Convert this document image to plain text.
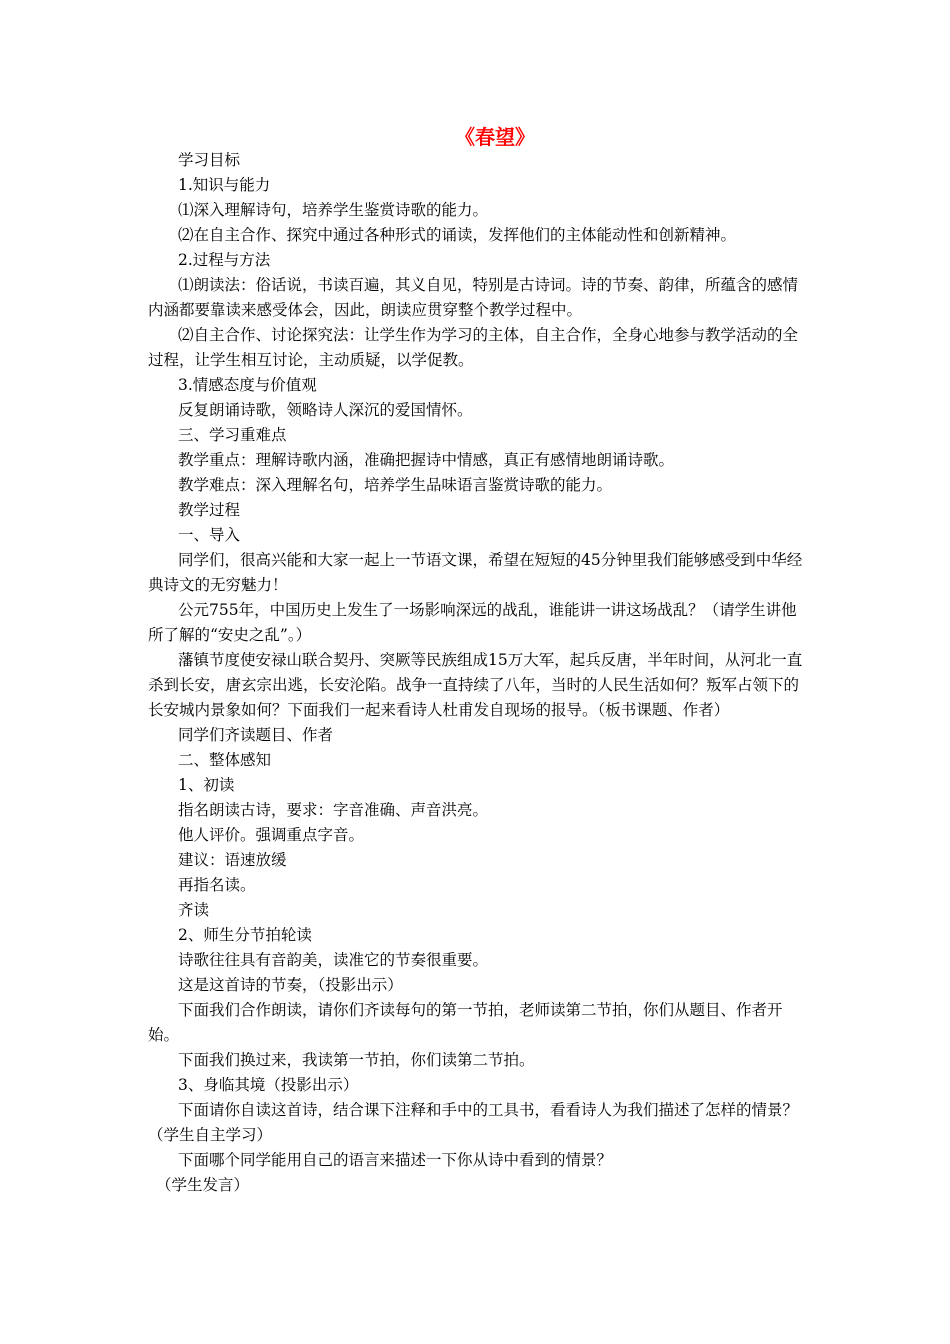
《春望》

学习目标

1.知识与能力

⑴深入理解诗句，培养学生鉴赏诗歌的能力。

⑵在自主合作、探究中通过各种形式的诵读，发挥他们的主体能动性和创新精神。

2.过程与方法

⑴朗读法：俗话说，书读百遍，其义自见，特别是古诗词。诗的节奏、韵律，所蕴含的感情内涵都要靠读来感受体会，因此，朗读应贯穿整个教学过程中。

⑵自主合作、讨论探究法：让学生作为学习的主体，自主合作，全身心地参与教学活动的全过程，让学生相互讨论，主动质疑，以学促教。

3.情感态度与价值观

反复朗诵诗歌，领略诗人深沉的爱国情怀。

三、学习重难点

教学重点：理解诗歌内涵，准确把握诗中情感，真正有感情地朗诵诗歌。

教学难点：深入理解名句，培养学生品味语言鉴赏诗歌的能力。

教学过程

一、导入

同学们，很高兴能和大家一起上一节语文课，希望在短短的45分钟里我们能够感受到中华经典诗文的无穷魅力！

公元755年，中国历史上发生了一场影响深远的战乱，谁能讲一讲这场战乱？（请学生讲他所了解的“安史之乱”。）

藩镇节度使安禄山联合契丹、突厥等民族组成15万大军，起兵反唐，半年时间，从河北一直杀到长安，唐玄宗出逃，长安沦陷。战争一直持续了八年，当时的人民生活如何？叛军占领下的长安城内景象如何？下面我们一起来看诗人杜甫发自现场的报导。（板书课题、作者）

同学们齐读题目、作者

二、整体感知

1、初读

指名朗读古诗，要求：字音准确、声音洪亮。

他人评价。强调重点字音。

建议：语速放缓

再指名读。

齐读

2、师生分节拍轮读

诗歌往往具有音韵美，读准它的节奏很重要。

这是这首诗的节奏，（投影出示）

下面我们合作朗读，请你们齐读每句的第一节拍，老师读第二节拍，你们从题目、作者开始。

下面我们换过来，我读第一节拍，你们读第二节拍。

3、身临其境（投影出示）

下面请你自读这首诗，结合课下注释和手中的工具书，看看诗人为我们描述了怎样的情景？（学生自主学习）

下面哪个同学能用自己的语言来描述一下你从诗中看到的情景？

（学生发言）
